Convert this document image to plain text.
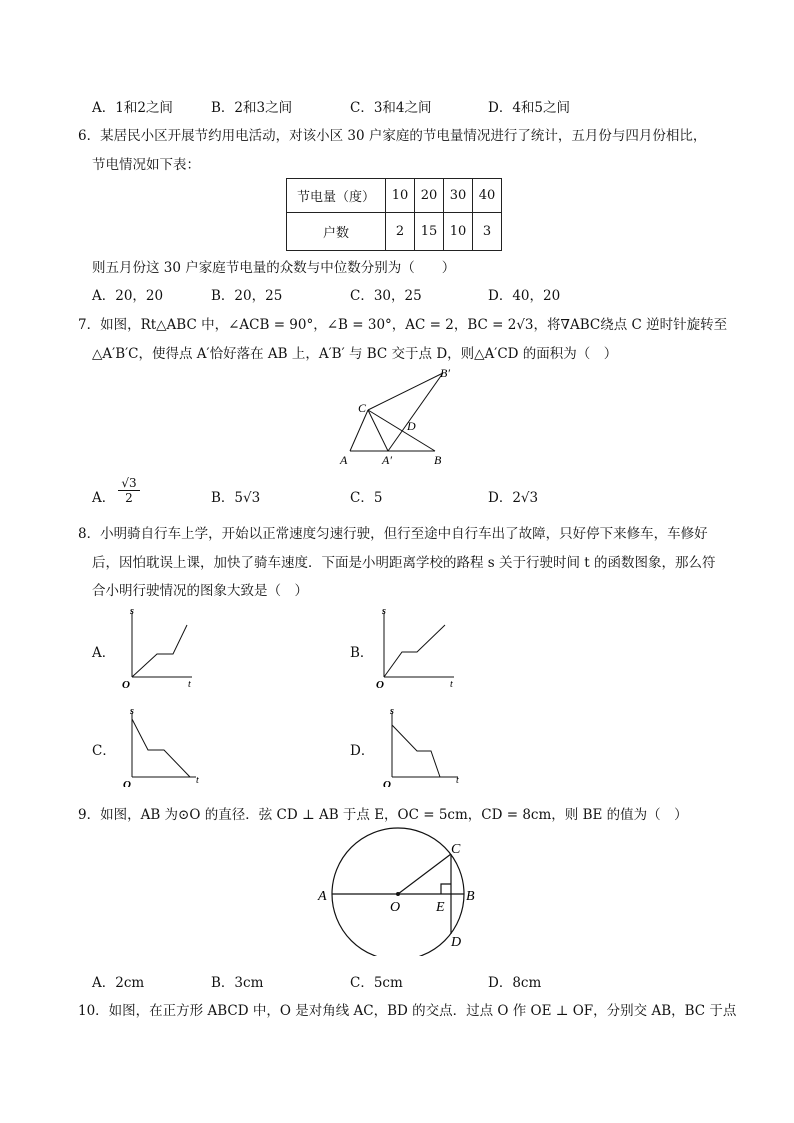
A．1和2之间	B．2和3之间	C．3和4之间	D．4和5之间
6．某居民小区开展节约用电活动，对该小区 30 户家庭的节电量情况进行了统计，五月份与四月份相比，
节电情况如下表：
节电量（度）	10	20	30	40
户数	2	15	10	3
则五月份这 30 户家庭节电量的众数与中位数分别为（　　）
A．20，20	B．20，25	C．30，25	D．40，20
7．如图，Rt△ABC 中，∠ACB = 90°，∠B = 30°，AC = 2，BC = 2√3，将∇ABC绕点 C 逆时针旋转至
△A′B′C，使得点 A′恰好落在 AB 上，A′B′ 与 BC 交于点 D，则△A′CD 的面积为（　）
A	A′	B
B′
C
D
A． $\frac{√3}{2}$	B．5√3	C．5	D．2√3
8．小明骑自行车上学，开始以正常速度匀速行驶，但行至途中自行车出了故障，只好停下来修车，车修好
后，因怕耽误上课，加快了骑车速度．下面是小明距离学校的路程 s 关于行驶时间 t 的函数图象，那么符
合小明行驶情况的图象大致是（　）
A．	B．
C．	D．
s
t
O
s
t
O
s
t
O
s
t
O
9．如图，AB 为⊙O 的直径．弦 CD ⊥ AB 于点 E，OC = 5cm，CD = 8cm，则 BE 的值为（　）
A	B
C
D
E
O
A．2cm	B．3cm	C．5cm	D．8cm
10．如图，在正方形 ABCD 中，O 是对角线 AC，BD 的交点．过点 O 作 OE ⊥ OF，分别交 AB，BC 于点
